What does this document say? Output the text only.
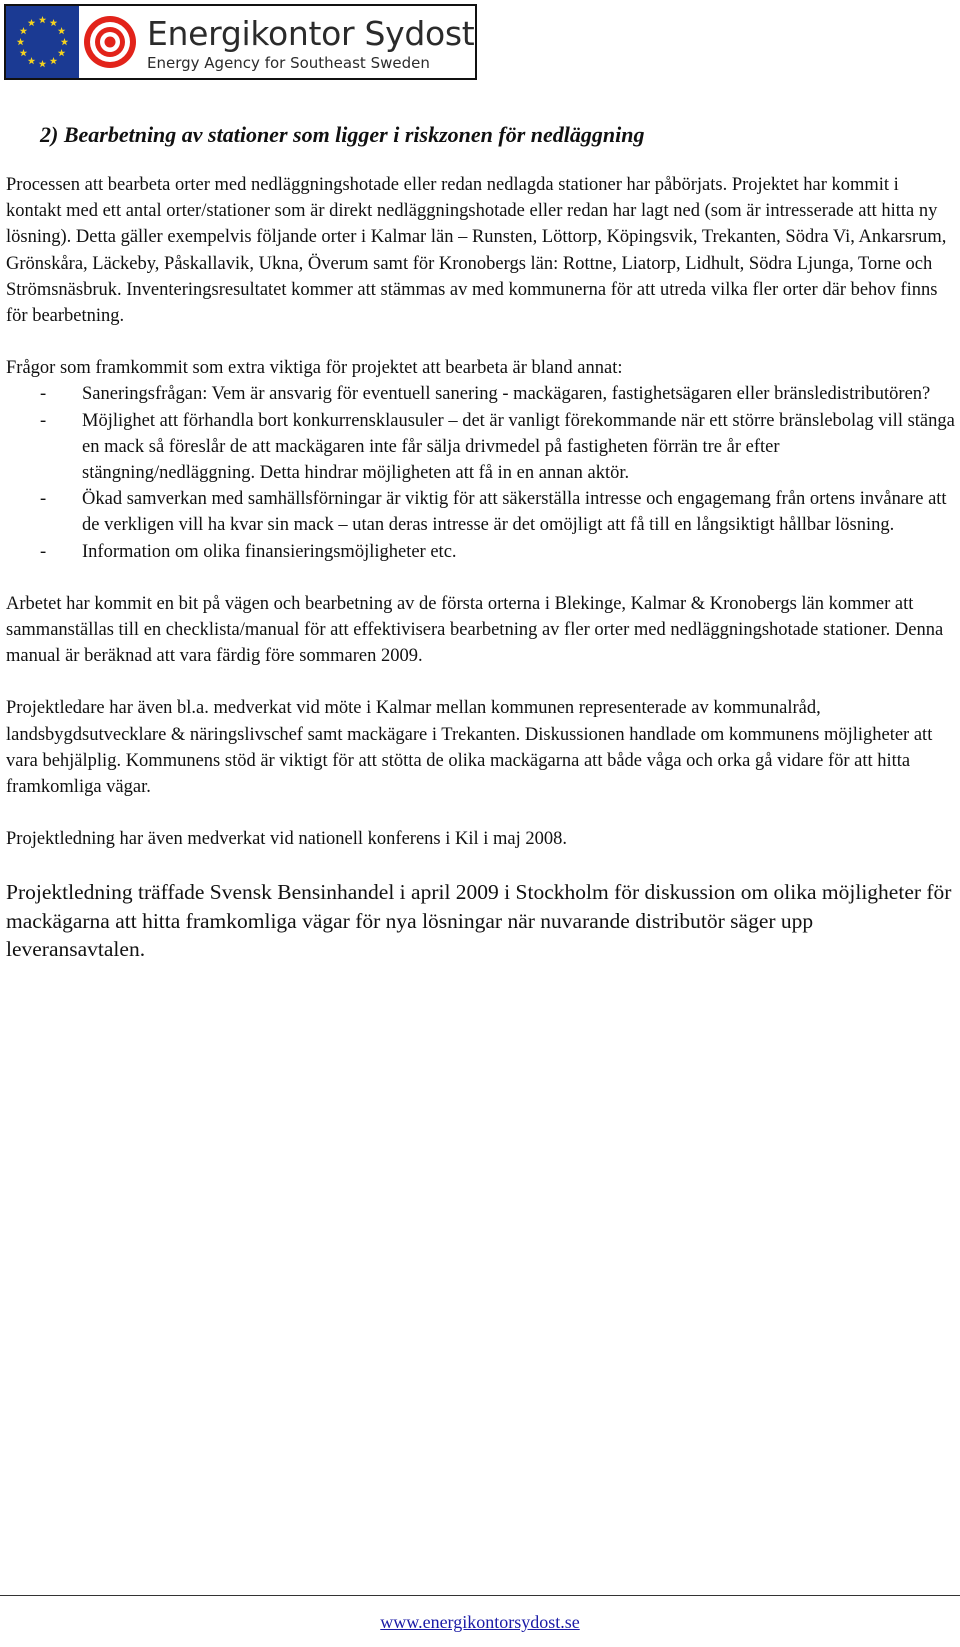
Energikontor Sydost
Energy Agency for Southeast Sweden
2) Bearbetning av stationer som ligger i riskzonen för nedläggning

Processen att bearbeta orter med nedläggningshotade eller redan nedlagda stationer har påbörjats. Projektet har kommit i kontakt med ett antal orter/stationer som är direkt nedläggningshotade eller redan har lagt ned (som är intresserade att hitta ny lösning). Detta gäller exempelvis följande orter i Kalmar län – Runsten, Löttorp, Köpingsvik, Trekanten, Södra Vi, Ankarsrum, Grönskåra, Läckeby, Påskallavik, Ukna, Överum samt för Kronobergs län: Rottne, Liatorp, Lidhult, Södra Ljunga, Torne och Strömsnäsbruk. Inventeringsresultatet kommer att stämmas av med kommunerna för att utreda vilka fler orter där behov finns för bearbetning.

Frågor som framkommit som extra viktiga för projektet att bearbeta är bland annat:

- Saneringsfrågan: Vem är ansvarig för eventuell sanering - mackägaren, fastighetsägaren eller bränsledistributören?
- Möjlighet att förhandla bort konkurrensklausuler – det är vanligt förekommande när ett större bränslebolag vill stänga en mack så föreslår de att mackägaren inte får sälja drivmedel på fastigheten förrän tre år efter stängning/nedläggning. Detta hindrar möjligheten att få in en annan aktör.
- Ökad samverkan med samhällsförningar är viktig för att säkerställa intresse och engagemang från ortens invånare att de verkligen vill ha kvar sin mack – utan deras intresse är det omöjligt att få till en långsiktigt hållbar lösning.
- Information om olika finansieringsmöjligheter etc.

Arbetet har kommit en bit på vägen och bearbetning av de första orterna i Blekinge, Kalmar & Kronobergs län kommer att sammanställas till en checklista/manual för att effektivisera bearbetning av fler orter med nedläggningshotade stationer. Denna manual är beräknad att vara färdig före sommaren 2009.

Projektledare har även bl.a. medverkat vid möte i Kalmar mellan kommunen representerade av kommunalråd, landsbygdsutvecklare & näringslivschef samt mackägare i Trekanten. Diskussionen handlade om kommunens möjligheter att vara behjälplig. Kommunens stöd är viktigt för att stötta de olika mackägarna att både våga och orka gå vidare för att hitta framkomliga vägar.

Projektledning har även medverkat vid nationell konferens i Kil i maj 2008.

Projektledning träffade Svensk Bensinhandel i april 2009 i Stockholm för diskussion om olika möjligheter för mackägarna att hitta framkomliga vägar för nya lösningar när nuvarande distributör säger upp leveransavtalen.

www.energikontorsydost.se
